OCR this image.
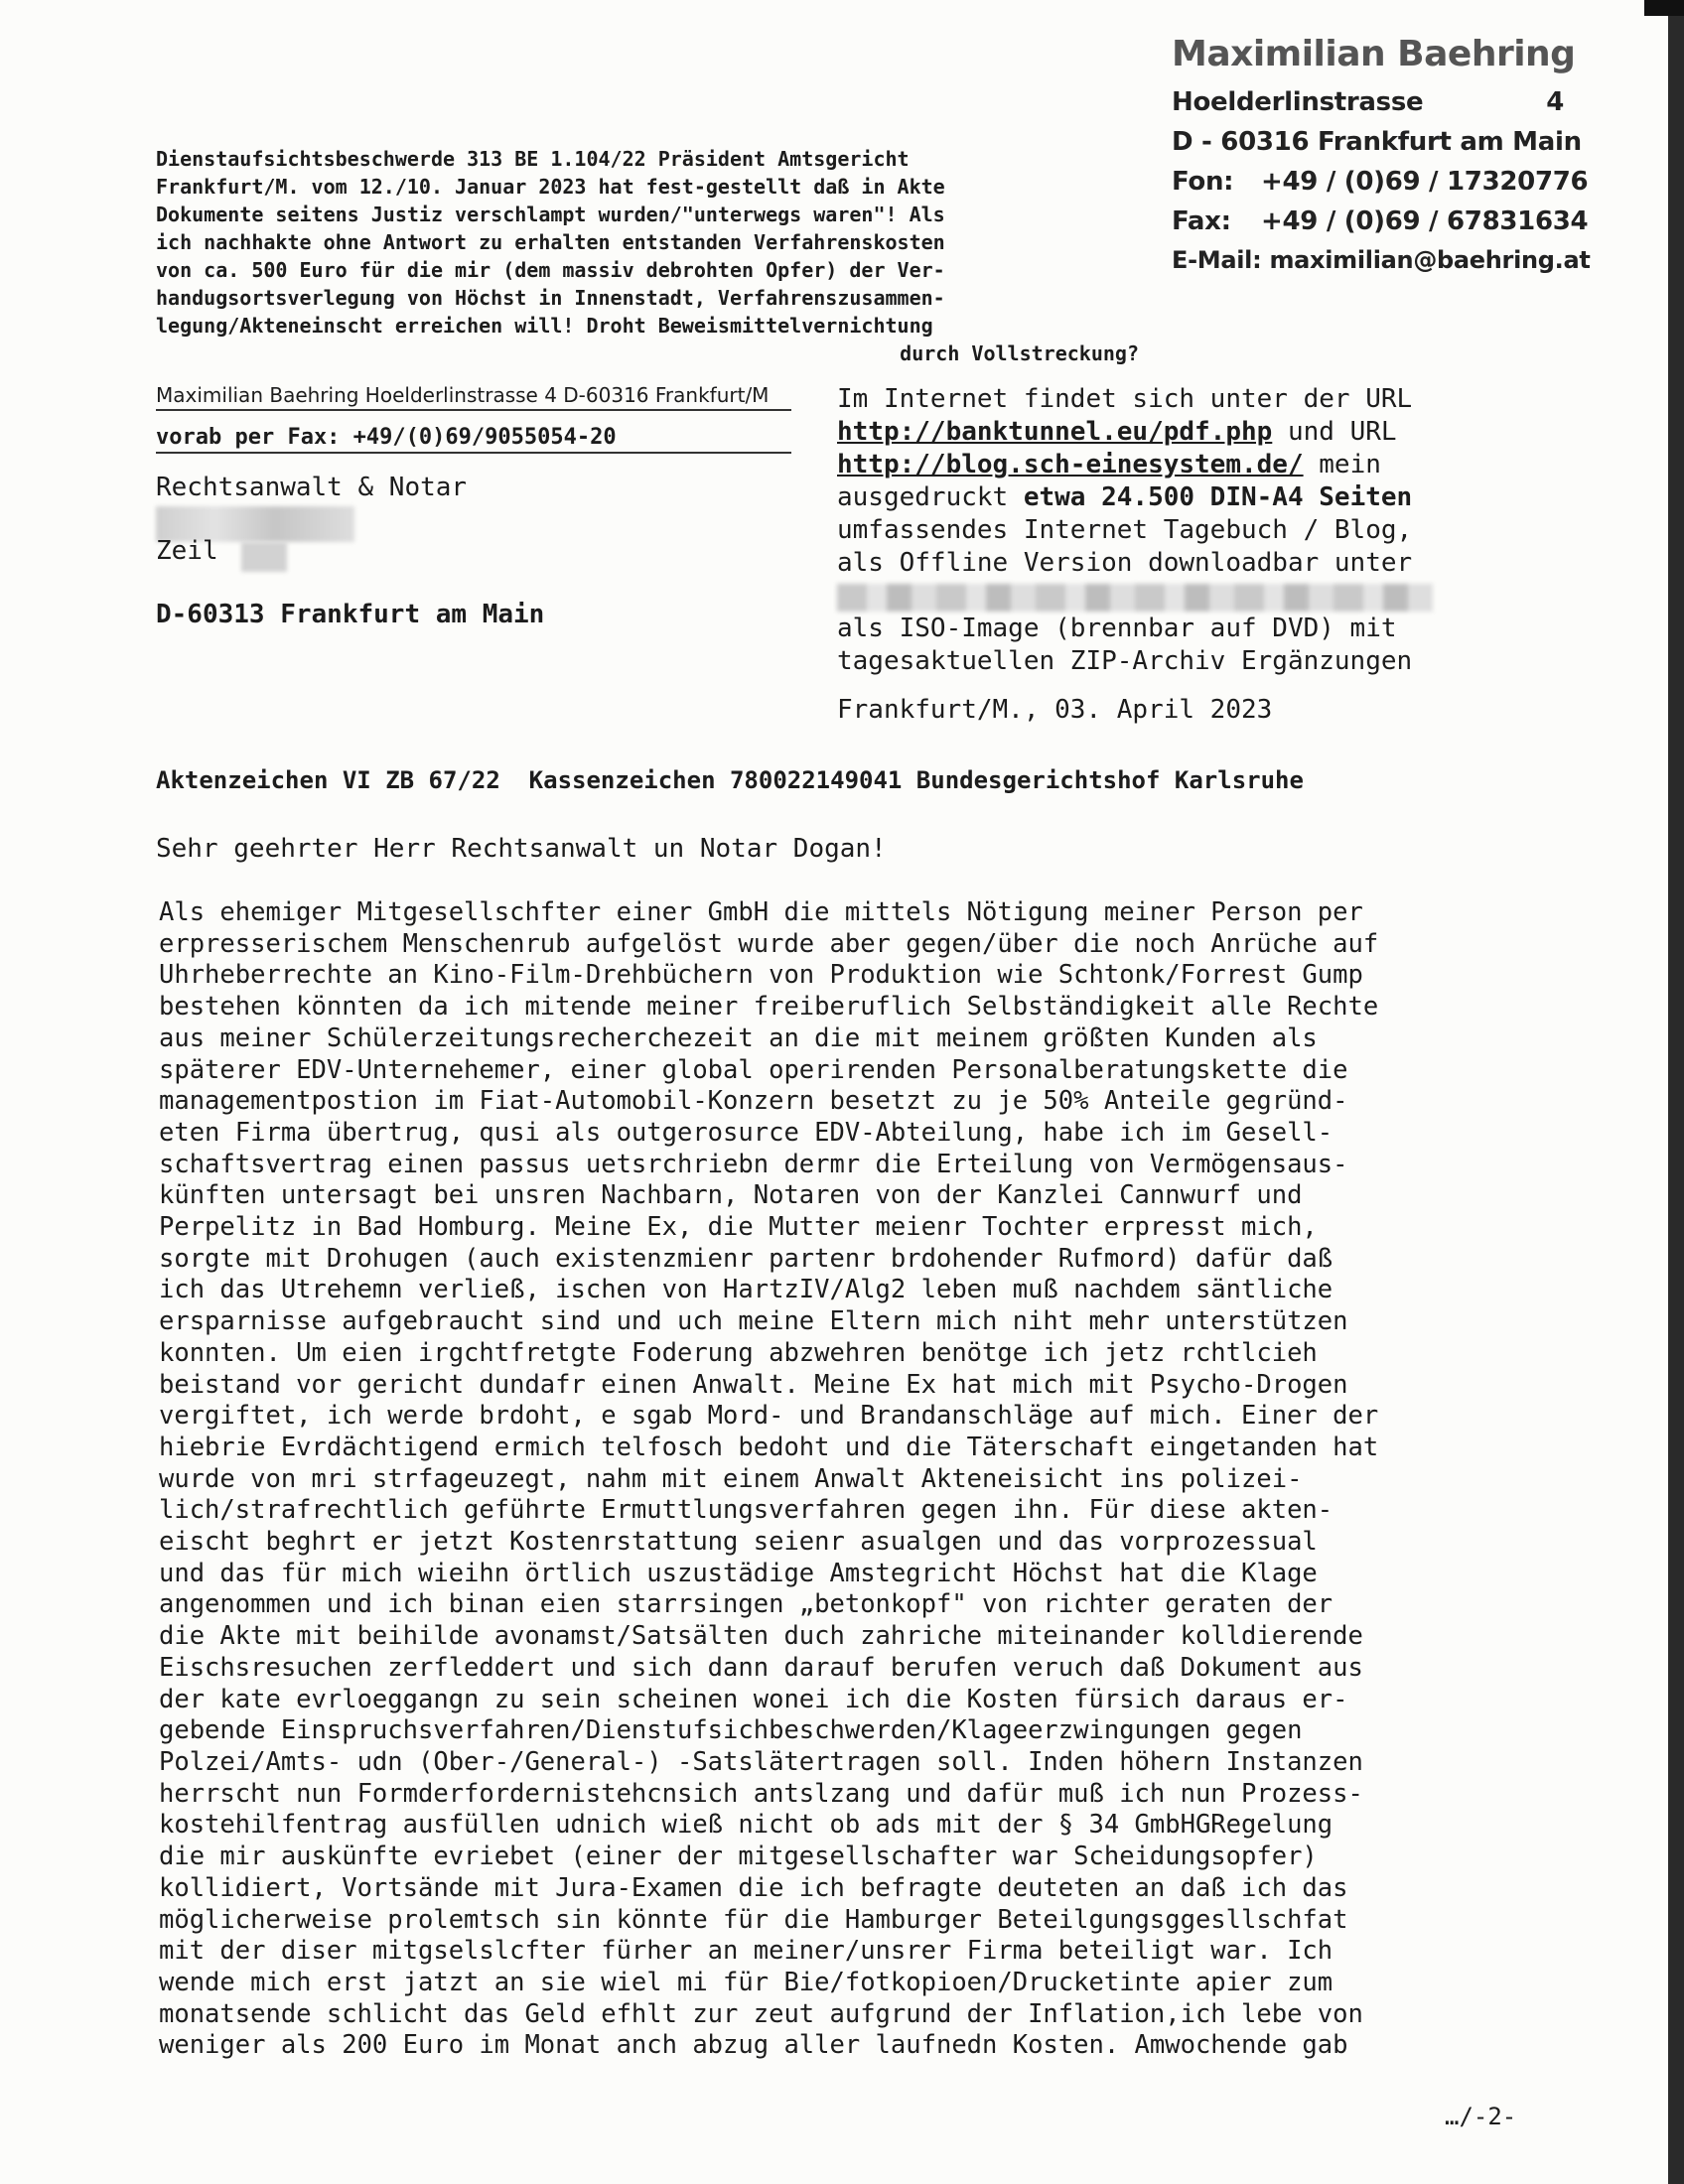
Maximilian Baehring
Hoelderlinstrasse	4
D - 60316 Frankfurt am Main
Fon: +49 / (0)69 / 17320776
Fax: +49 / (0)69 / 67831634
E-Mail: maximilian@baehring.at
Dienstaufsichtsbeschwerde 313 BE 1.104/22 Präsident Amtsgericht
Frankfurt/M. vom 12./10. Januar 2023 hat fest-gestellt daß in Akte
Dokumente seitens Justiz verschlampt wurden/"unterwegs waren"! Als
ich nachhakte ohne Antwort zu erhalten entstanden Verfahrenskosten
von ca. 500 Euro für die mir (dem massiv debrohten Opfer) der Ver-
handugsortsverlegung von Höchst in Innenstadt, Verfahrenszusammen-
legung/Akteneinscht erreichen will! Droht Beweismittelvernichtung
durch Vollstreckung?
Maximilian Baehring Hoelderlinstrasse 4 D-60316 Frankfurt/M
vorab per Fax: +49/(0)69/9055054-20
Rechtsanwalt & Notar
Zeil
D-60313 Frankfurt am Main
Im Internet findet sich unter der URL
http://banktunnel.eu/pdf.php und URL
http://blog.sch-einesystem.de/ mein
ausgedruckt etwa 24.500 DIN-A4 Seiten
umfassendes Internet Tagebuch / Blog,
als Offline Version downloadbar unter
als ISO-Image (brennbar auf DVD) mit
tagesaktuellen ZIP-Archiv Ergänzungen
Frankfurt/M., 03. April 2023
Aktenzeichen VI ZB 67/22  Kassenzeichen 780022149041 Bundesgerichtshof Karlsruhe
Sehr geehrter Herr Rechtsanwalt un Notar Dogan!
Als ehemiger Mitgesellschfter einer GmbH die mittels Nötigung meiner Person per
erpresserischem Menschenrub aufgelöst wurde aber gegen/über die noch Anrüche auf
Uhrheberrechte an Kino-Film-Drehbüchern von Produktion wie Schtonk/Forrest Gump
bestehen könnten da ich mitende meiner freiberuflich Selbständigkeit alle Rechte
aus meiner Schülerzeitungsrecherchezeit an die mit meinem größten Kunden als
späterer EDV-Unternehemer, einer global operirenden Personalberatungskette die
managementpostion im Fiat-Automobil-Konzern besetzt zu je 50% Anteile gegründ-
eten Firma übertrug, qusi als outgerosurce EDV-Abteilung, habe ich im Gesell-
schaftsvertrag einen passus uetsrchriebn dermr die Erteilung von Vermögensaus-
künften untersagt bei unsren Nachbarn, Notaren von der Kanzlei Cannwurf und
Perpelitz in Bad Homburg. Meine Ex, die Mutter meienr Tochter erpresst mich,
sorgte mit Drohugen (auch existenzmienr partenr brdohender Rufmord) dafür daß
ich das Utrehemn verließ, ischen von HartzIV/Alg2 leben muß nachdem säntliche
ersparnisse aufgebraucht sind und uch meine Eltern mich niht mehr unterstützen
konnten. Um eien irgchtfretgte Foderung abzwehren benötge ich jetz rchtlcieh
beistand vor gericht dundafr einen Anwalt. Meine Ex hat mich mit Psycho-Drogen
vergiftet, ich werde brdoht, e sgab Mord- und Brandanschläge auf mich. Einer der
hiebrie Evrdächtigend ermich telfosch bedoht und die Täterschaft eingetanden hat
wurde von mri strfageuzegt, nahm mit einem Anwalt Akteneisicht ins polizei-
lich/strafrechtlich geführte Ermuttlungsverfahren gegen ihn. Für diese akten-
eischt beghrt er jetzt Kostenrstattung seienr asualgen und das vorprozessual
und das für mich wieihn örtlich uszustädige Amstegricht Höchst hat die Klage
angenommen und ich binan eien starrsingen „betonkopf" von richter geraten der
die Akte mit beihilde avonamst/Satsälten duch zahriche miteinander kolldierende
Eischsresuchen zerfleddert und sich dann darauf berufen veruch daß Dokument aus
der kate evrloeggangn zu sein scheinen wonei ich die Kosten fürsich daraus er-
gebende Einspruchsverfahren/Dienstufsichbeschwerden/Klageerzwingungen gegen
Polzei/Amts- udn (Ober-/General-) -Satslätertragen soll. Inden höhern Instanzen
herrscht nun Formderfordernistehcnsich antslzang und dafür muß ich nun Prozess-
kostehilfentrag ausfüllen udnich wieß nicht ob ads mit der § 34 GmbHGRegelung
die mir auskünfte evriebet (einer der mitgesellschafter war Scheidungsopfer)
kollidiert, Vortsände mit Jura-Examen die ich befragte deuteten an daß ich das
möglicherweise prolemtsch sin könnte für die Hamburger Beteilgungsggesllschfat
mit der diser mitgselslcfter fürher an meiner/unsrer Firma beteiligt war. Ich
wende mich erst jatzt an sie wiel mi für Bie/fotkopioen/Drucketinte apier zum
monatsende schlicht das Geld efhlt zur zeut aufgrund der Inflation,ich lebe von
weniger als 200 Euro im Monat anch abzug aller laufnedn Kosten. Amwochende gab
…/-2-
